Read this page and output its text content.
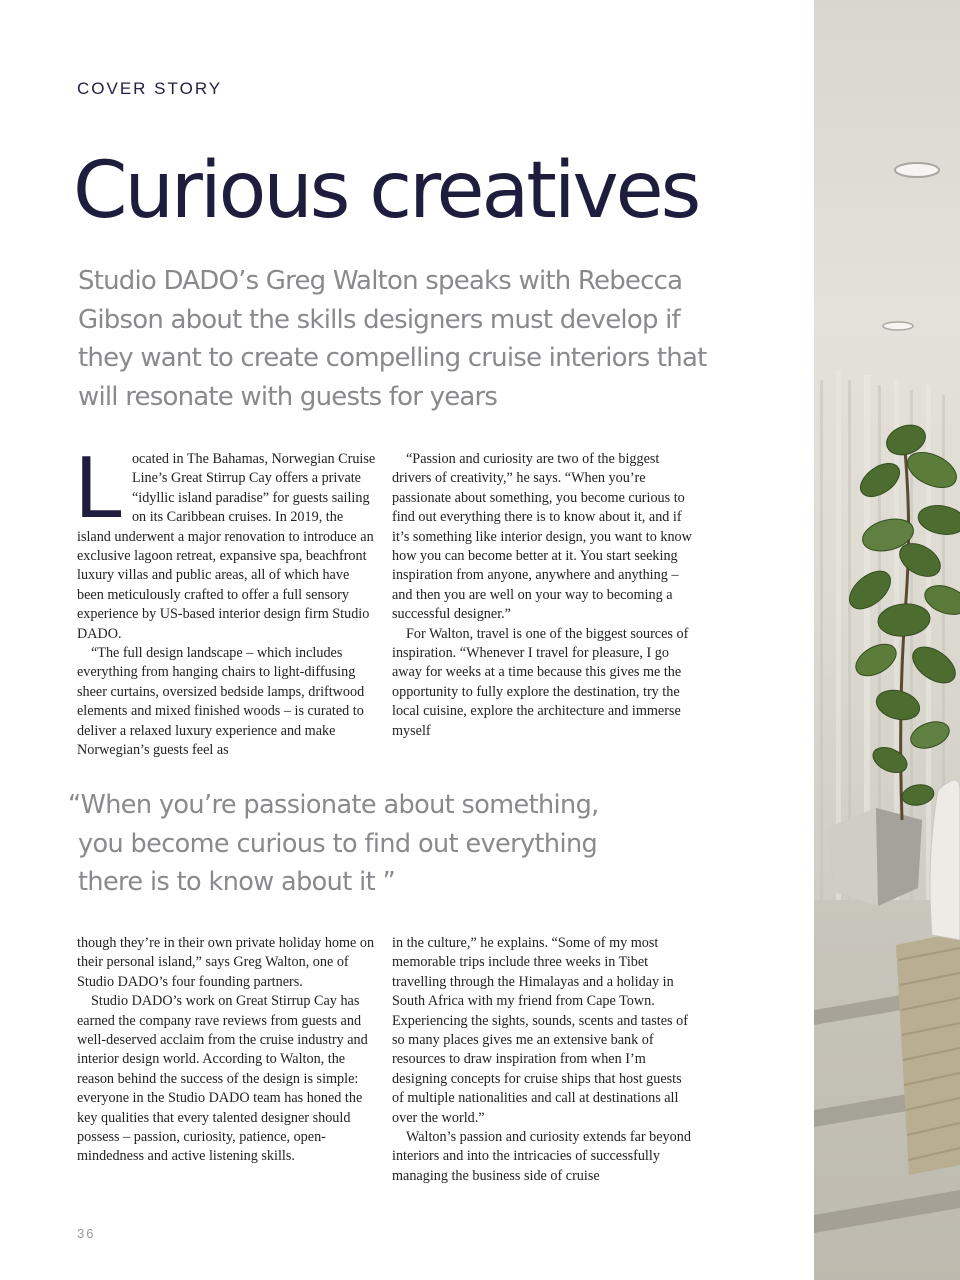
COVER STORY
Curious creatives

Studio DADO’s Greg Walton speaks with Rebecca Gibson about the skills designers must develop if they want to create compelling cruise interiors that will resonate with guests for years

Located in The Bahamas, Norwegian Cruise Line’s Great Stirrup Cay offers a private “idyllic island paradise” for guests sailing on its Caribbean cruises. In 2019, the island underwent a major renovation to introduce an exclusive lagoon retreat, expansive spa, beachfront luxury villas and public areas, all of which have been meticulously crafted to offer a full sensory experience by US-based interior design firm Studio DADO.

“The full design landscape – which includes everything from hanging chairs to light-diffusing sheer curtains, oversized bedside lamps, driftwood elements and mixed finished woods – is curated to deliver a relaxed luxury experience and make Norwegian’s guests feel as

“Passion and curiosity are two of the biggest drivers of creativity,” he says. “When you’re passionate about something, you become curious to find out everything there is to know about it, and if it’s something like interior design, you want to know how you can become better at it. You start seeking inspiration from anyone, anywhere and anything – and then you are well on your way to becoming a successful designer.”

For Walton, travel is one of the biggest sources of inspiration. “Whenever I travel for pleasure, I go away for weeks at a time because this gives me the opportunity to fully explore the destination, try the local cuisine, explore the architecture and immerse myself

“When you’re passionate about something,
you become curious to find out everything
there is to know about it ”

though they’re in their own private holiday home on their personal island,” says Greg Walton, one of Studio DADO’s four founding partners.

Studio DADO’s work on Great Stirrup Cay has earned the company rave reviews from guests and well-deserved acclaim from the cruise industry and interior design world. According to Walton, the reason behind the success of the design is simple: everyone in the Studio DADO team has honed the key qualities that every talented designer should possess – passion, curiosity, patience, open-mindedness and active listening skills.

in the culture,” he explains. “Some of my most memorable trips include three weeks in Tibet travelling through the Himalayas and a holiday in South Africa with my friend from Cape Town. Experiencing the sights, sounds, scents and tastes of so many places gives me an extensive bank of resources to draw inspiration from when I’m designing concepts for cruise ships that host guests of multiple nationalities and call at destinations all over the world.”

Walton’s passion and curiosity extends far beyond interiors and into the intricacies of successfully managing the business side of cruise

36
